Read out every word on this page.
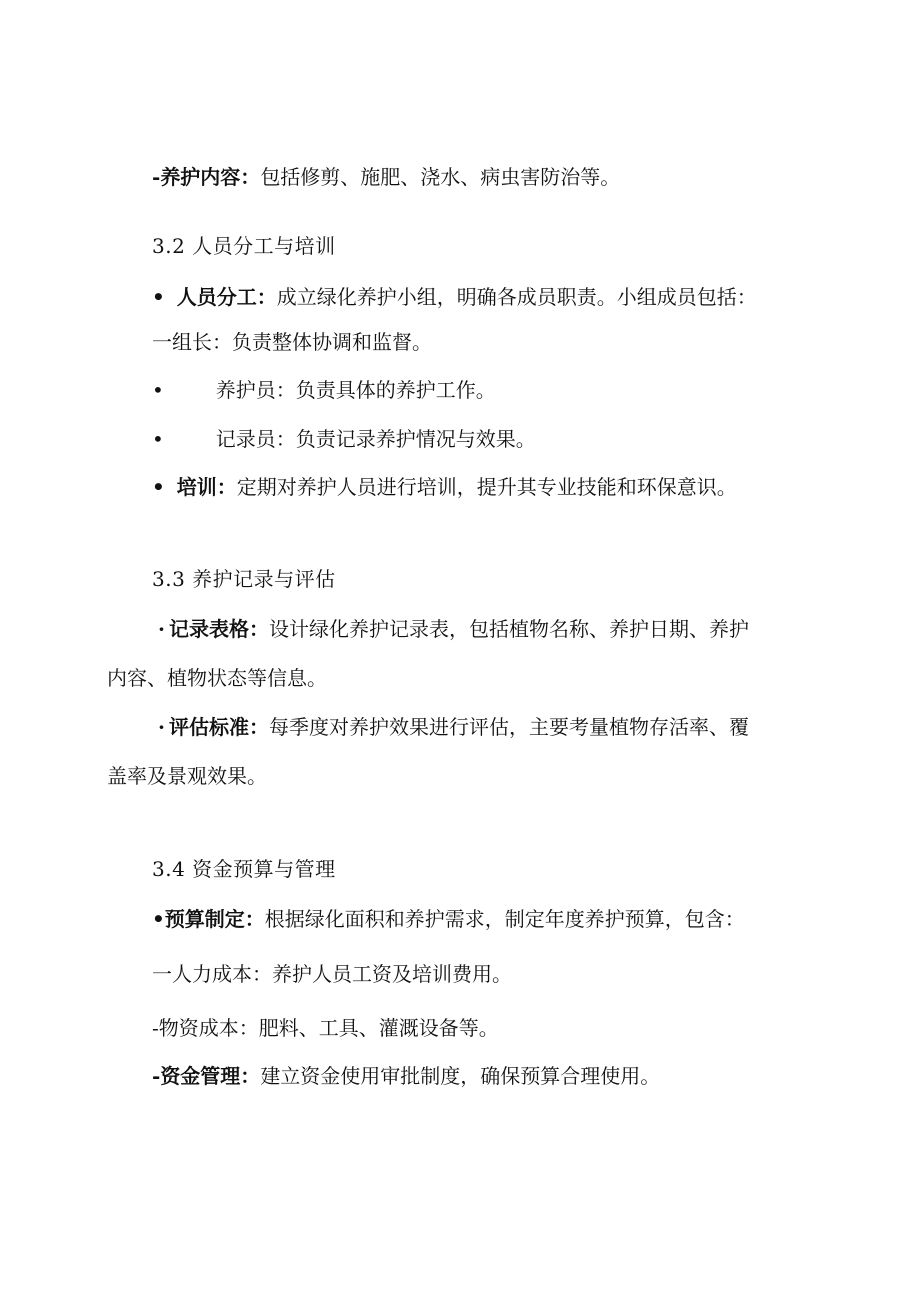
-养护内容：包括修剪、施肥、浇水、病虫害防治等。
3.2 人员分工与培训
• 人员分工：成立绿化养护小组，明确各成员职责。小组成员包括：
一组长：负责整体协调和监督。
•	养护员：负责具体的养护工作。
•	记录员：负责记录养护情况与效果。
• 培训：定期对养护人员进行培训，提升其专业技能和环保意识。
3.3 养护记录与评估
· 记录表格：设计绿化养护记录表，包括植物名称、养护日期、养护
内容、植物状态等信息。
· 评估标准：每季度对养护效果进行评估，主要考量植物存活率、覆
盖率及景观效果。
3.4 资金预算与管理
•预算制定：根据绿化面积和养护需求，制定年度养护预算，包含：
一人力成本：养护人员工资及培训费用。
-物资成本：肥料、工具、灌溉设备等。
-资金管理：建立资金使用审批制度，确保预算合理使用。
